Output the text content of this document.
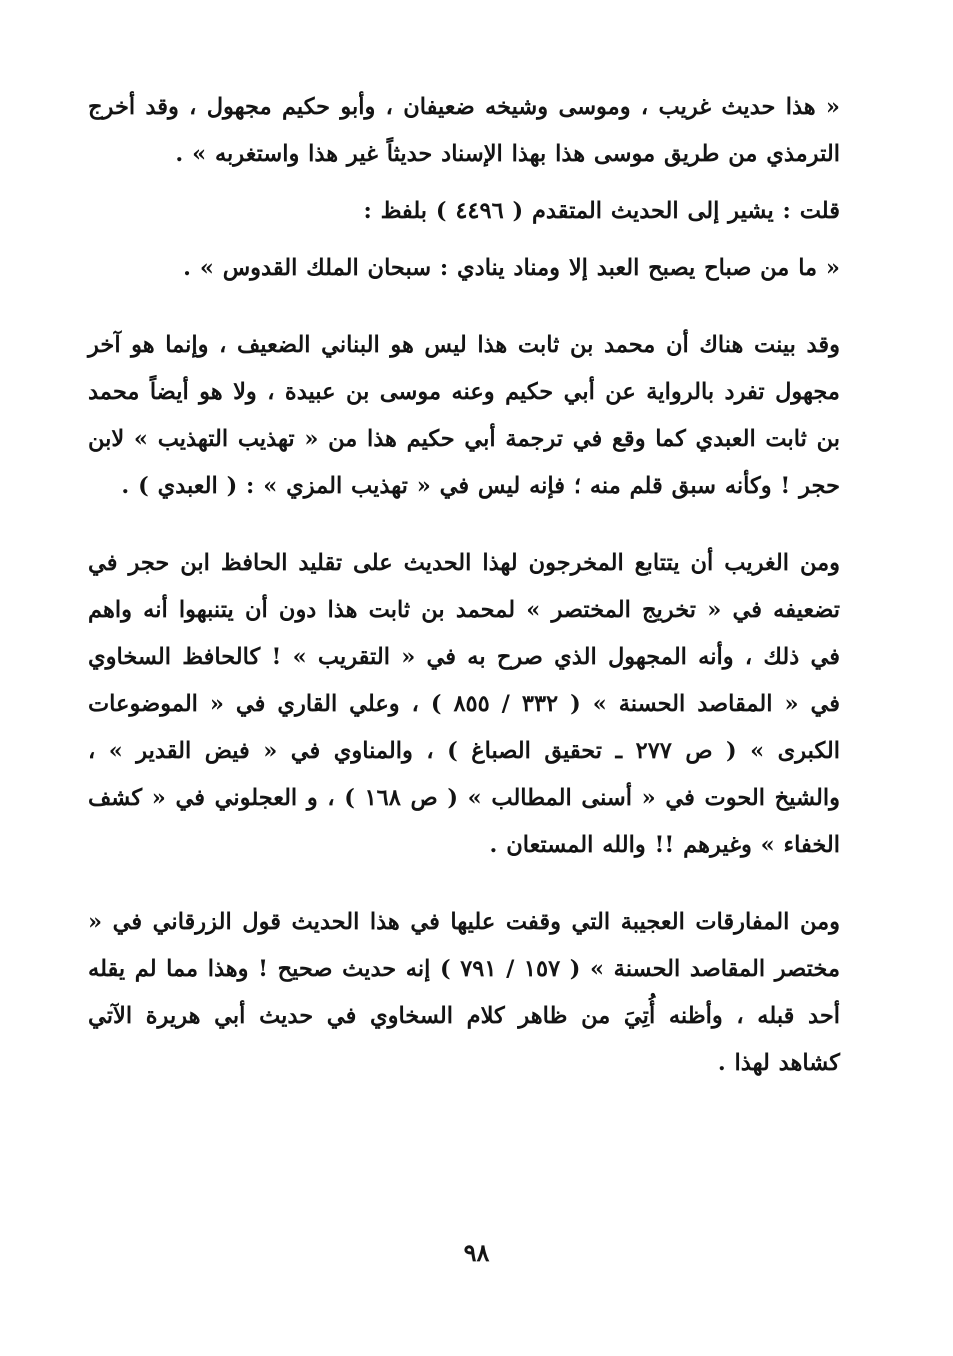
« هذا حديث غريب ، وموسى وشيخه ضعيفان ، وأبو حكيم مجهول ، وقد أخرج الترمذي من طريق موسى هذا بهذا الإسناد حديثاً غير هذا واستغربه » .

قلت : يشير إلى الحديث المتقدم ( ٤٤٩٦ ) بلفظ :

« ما من صباح يصبح العبد إلا ومناد ينادي : سبحان الملك القدوس » .

وقد بينت هناك أن محمد بن ثابت هذا ليس هو البناني الضعيف ، وإنما هو آخر مجهول تفرد بالرواية عن أبي حكيم وعنه موسى بن عبيدة ، ولا هو أيضاً محمد بن ثابت العبدي كما وقع في ترجمة أبي حكيم هذا من « تهذيب التهذيب » لابن حجر ! وكأنه سبق قلم منه ؛ فإنه ليس في « تهذيب المزي » : ( العبدي ) .

ومن الغريب أن يتتابع المخرجون لهذا الحديث على تقليد الحافظ ابن حجر في تضعيفه في « تخريج المختصر » لمحمد بن ثابت هذا دون أن يتنبهوا أنه واهم في ذلك ، وأنه المجهول الذي صرح به في « التقريب » ! كالحافظ السخاوي في « المقاصد الحسنة » ( ٣٣٢ / ٨٥٥ ) ، وعلي القاري في « الموضوعات الكبرى » ( ص ٢٧٧ ـ تحقيق الصباغ ) ، والمناوي في « فيض القدير » ، والشيخ الحوت في « أسنى المطالب » ( ص ١٦٨ ) ، و العجلوني في « كشف الخفاء » وغيرهم !! والله المستعان .

ومن المفارقات العجيبة التي وقفت عليها في هذا الحديث قول الزرقاني في « مختصر المقاصد الحسنة » ( ١٥٧ / ٧٩١ ) إنه حديث صحيح ! وهذا مما لم يقله أحد قبله ، وأظنه أُتِيَ من ظاهر كلام السخاوي في حديث أبي هريرة الآتي كشاهد لهذا .

٩٨
